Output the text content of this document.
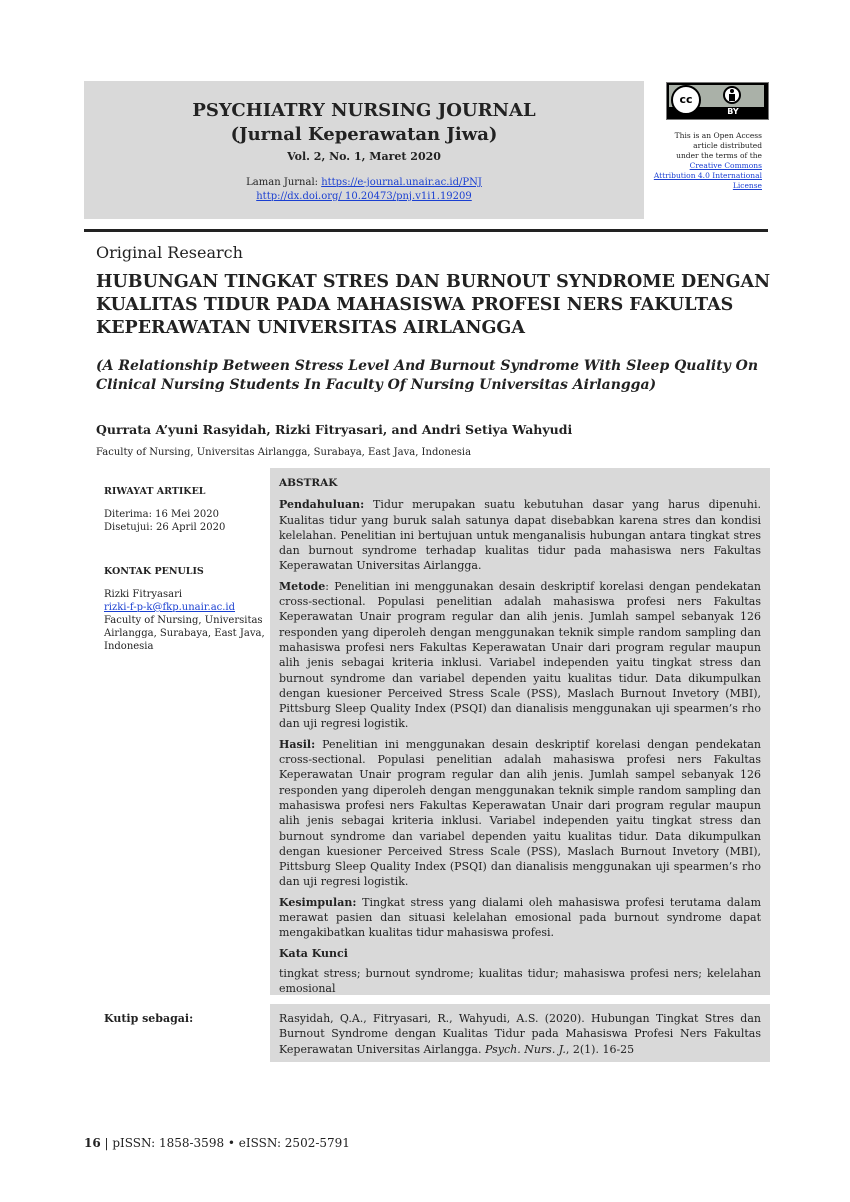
PSYCHIATRY NURSING JOURNAL
(Jurnal Keperawatan Jiwa)
Vol. 2, No. 1, Maret 2020
Laman Jurnal: https://e-journal.unair.ac.id/PNJ
http://dx.doi.org/ 10.20473/pnj.v1i1.19209
cc
BY
This is an Open Access
article distributed
under the terms of the
Creative Commons
Attribution 4.0 International
License
Original Research
HUBUNGAN TINGKAT STRES DAN BURNOUT SYNDROME DENGAN KUALITAS TIDUR PADA MAHASISWA PROFESI NERS FAKULTAS KEPERAWATAN UNIVERSITAS AIRLANGGA
(A Relationship Between Stress Level And Burnout Syndrome With Sleep Quality On Clinical Nursing Students In Faculty Of Nursing Universitas Airlangga)
Qurrata A’yuni Rasyidah, Rizki Fitryasari, and Andri Setiya Wahyudi
Faculty of Nursing, Universitas Airlangga, Surabaya, East Java, Indonesia
RIWAYAT ARTIKEL
Diterima: 16 Mei 2020
Disetujui: 26 April 2020
KONTAK PENULIS
Rizki Fitryasari
rizki-f-p-k@fkp.unair.ac.id
Faculty of Nursing, Universitas
Airlangga, Surabaya, East Java,
Indonesia
ABSTRAK

Pendahuluan: Tidur merupakan suatu kebutuhan dasar yang harus dipenuhi. Kualitas tidur yang buruk salah satunya dapat disebabkan karena stres dan kondisi kelelahan. Penelitian ini bertujuan untuk menganalisis hubungan antara tingkat stres dan burnout syndrome terhadap kualitas tidur pada mahasiswa ners Fakultas Keperawatan Universitas Airlangga.

Metode: Penelitian ini menggunakan desain deskriptif korelasi dengan pendekatan cross-sectional. Populasi penelitian adalah mahasiswa profesi ners Fakultas Keperawatan Unair program regular dan alih jenis. Jumlah sampel sebanyak 126 responden yang diperoleh dengan menggunakan teknik simple random sampling dan mahasiswa profesi ners Fakultas Keperawatan Unair dari program regular maupun alih jenis sebagai kriteria inklusi. Variabel independen yaitu tingkat stress dan burnout syndrome dan variabel dependen yaitu kualitas tidur. Data dikumpulkan dengan kuesioner Perceived Stress Scale (PSS), Maslach Burnout Invetory (MBI), Pittsburg Sleep Quality Index (PSQI) dan dianalisis menggunakan uji spearmen’s rho dan uji regresi logistik.

Hasil: Penelitian ini menggunakan desain deskriptif korelasi dengan pendekatan cross-sectional. Populasi penelitian adalah mahasiswa profesi ners Fakultas Keperawatan Unair program regular dan alih jenis. Jumlah sampel sebanyak 126 responden yang diperoleh dengan menggunakan teknik simple random sampling dan mahasiswa profesi ners Fakultas Keperawatan Unair dari program regular maupun alih jenis sebagai kriteria inklusi. Variabel independen yaitu tingkat stress dan burnout syndrome dan variabel dependen yaitu kualitas tidur. Data dikumpulkan dengan kuesioner Perceived Stress Scale (PSS), Maslach Burnout Invetory (MBI), Pittsburg Sleep Quality Index (PSQI) dan dianalisis menggunakan uji spearmen’s rho dan uji regresi logistik.

Kesimpulan: Tingkat stress yang dialami oleh mahasiswa profesi terutama dalam merawat pasien dan situasi kelelahan emosional pada burnout syndrome dapat mengakibatkan kualitas tidur mahasiswa profesi.

Kata Kunci

tingkat stress; burnout syndrome; kualitas tidur; mahasiswa profesi ners; kelelahan emosional

Kutip sebagai:	Rasyidah, Q.A., Fitryasari, R., Wahyudi, A.S. (2020). Hubungan Tingkat Stres dan Burnout Syndrome dengan Kualitas Tidur pada Mahasiswa Profesi Ners Fakultas Keperawatan Universitas Airlangga. Psych. Nurs. J., 2(1). 16-25
16 | pISSN: 1858-3598 • eISSN: 2502-5791
